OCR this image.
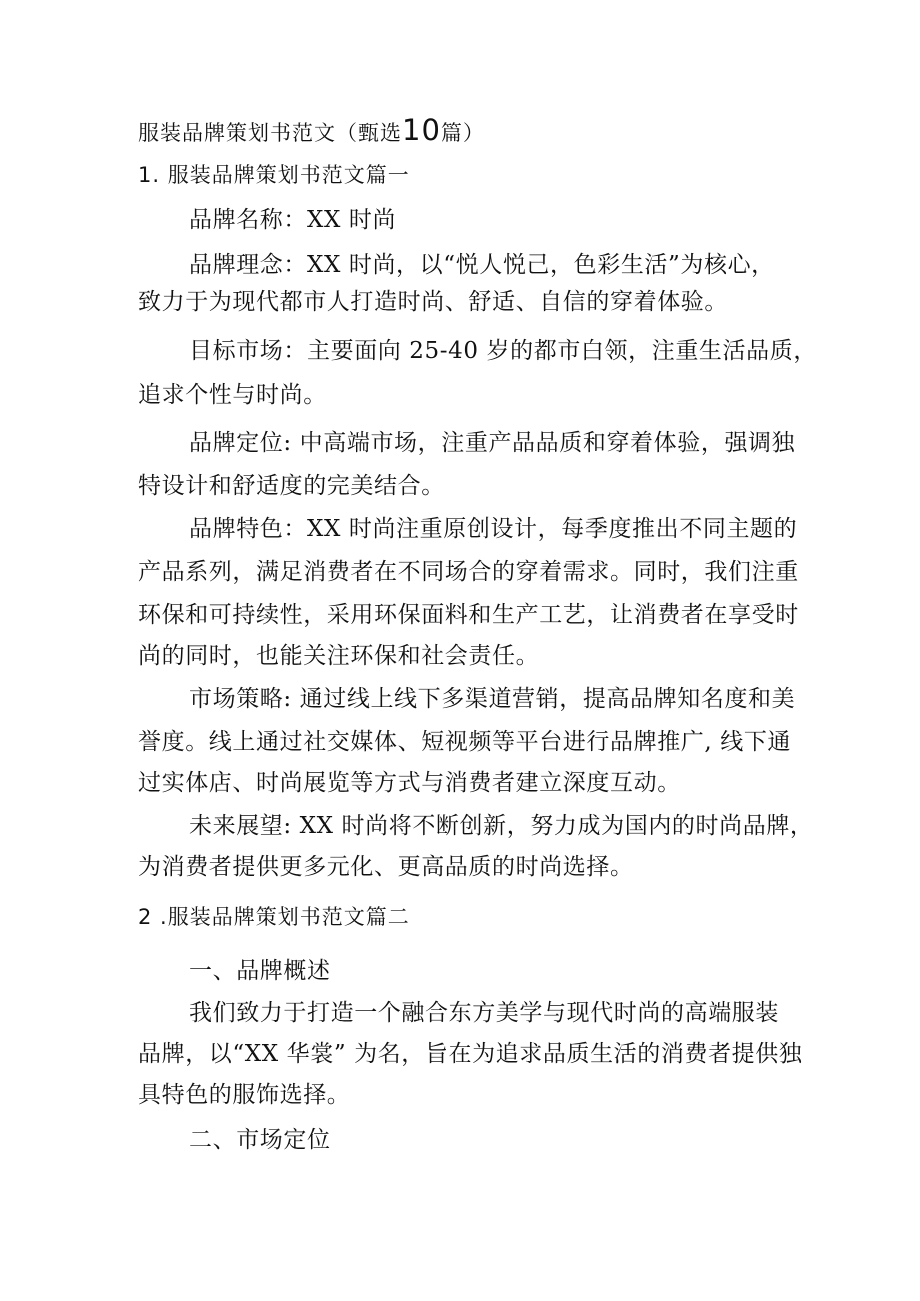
服装品牌策划书范文（甄选10篇）
1. 服装品牌策划书范文篇一
品牌名称：XX 时尚
品牌理念：XX 时尚，以“悦人悦己，色彩生活”为核心，
致力于为现代都市人打造时尚、舒适、自信的穿着体验。
目标市场：主要面向 25-40 岁的都市白领，注重生活品质，
追求个性与时尚。
品牌定位: 中高端市场，注重产品品质和穿着体验，强调独
特设计和舒适度的完美结合。
品牌特色：XX 时尚注重原创设计，每季度推出不同主题的
产品系列，满足消费者在不同场合的穿着需求。同时，我们注重
环保和可持续性，采用环保面料和生产工艺，让消费者在享受时
尚的同时，也能关注环保和社会责任。
市场策略: 通过线上线下多渠道营销，提高品牌知名度和美
誉度。线上通过社交媒体、短视频等平台进行品牌推广, 线下通
过实体店、时尚展览等方式与消费者建立深度互动。
未来展望: XX 时尚将不断创新，努力成为国内的时尚品牌，
为消费者提供更多元化、更高品质的时尚选择。
2 .服装品牌策划书范文篇二
一、品牌概述
我们致力于打造一个融合东方美学与现代时尚的高端服装
品牌，以“XX 华裳” 为名，旨在为追求品质生活的消费者提供独
具特色的服饰选择。
二、市场定位
